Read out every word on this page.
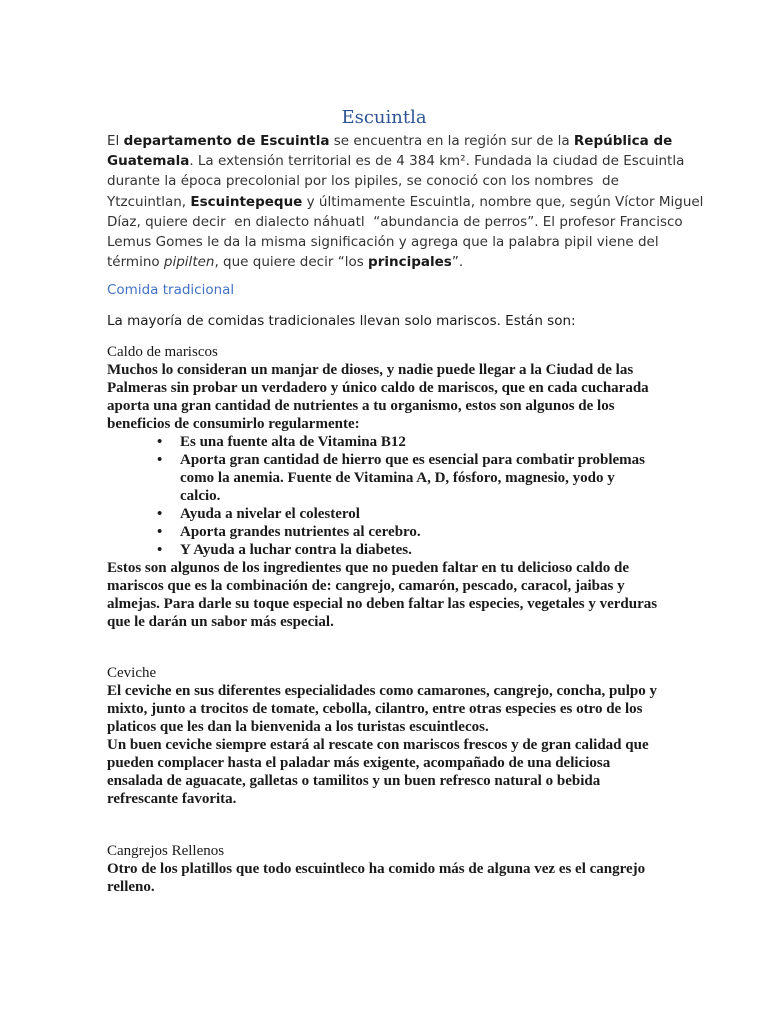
Escuintla
El departamento de Escuintla se encuentra en la región sur de la República de
Guatemala. La extensión territorial es de 4 384 km². Fundada la ciudad de Escuintla
durante la época precolonial por los pipiles, se conoció con los nombres  de
Ytzcuintlan, Escuintepeque y últimamente Escuintla, nombre que, según Víctor Miguel
Díaz, quiere decir  en dialecto náhuatl  “abundancia de perros”. El profesor Francisco
Lemus Gomes le da la misma significación y agrega que la palabra pipil viene del
término pipilten, que quiere decir “los principales”.
Comida tradicional
La mayoría de comidas tradicionales llevan solo mariscos. Están son:
Caldo de mariscos
Muchos lo consideran un manjar de dioses, y nadie puede llegar a la Ciudad de las
Palmeras sin probar un verdadero y único caldo de mariscos, que en cada cucharada
aporta una gran cantidad de nutrientes a tu organismo, estos son algunos de los
beneficios de consumirlo regularmente:
• Es una fuente alta de Vitamina B12
• Aporta gran cantidad de hierro que es esencial para combatir problemas
como la anemia. Fuente de Vitamina A, D, fósforo, magnesio, yodo y
calcio.
• Ayuda a nivelar el colesterol
• Aporta grandes nutrientes al cerebro.
• Y Ayuda a luchar contra la diabetes.
Estos son algunos de los ingredientes que no pueden faltar en tu delicioso caldo de
mariscos que es la combinación de: cangrejo, camarón, pescado, caracol, jaibas y
almejas. Para darle su toque especial no deben faltar las especies, vegetales y verduras
que le darán un sabor más especial.
Ceviche
El ceviche en sus diferentes especialidades como camarones, cangrejo, concha, pulpo y
mixto, junto a trocitos de tomate, cebolla, cilantro, entre otras especies es otro de los
platicos que les dan la bienvenida a los turistas escuintlecos.
Un buen ceviche siempre estará al rescate con mariscos frescos y de gran calidad que
pueden complacer hasta el paladar más exigente, acompañado de una deliciosa
ensalada de aguacate, galletas o tamilitos y un buen refresco natural o bebida
refrescante favorita.
Cangrejos Rellenos
Otro de los platillos que todo escuintleco ha comido más de alguna vez es el cangrejo
relleno.
